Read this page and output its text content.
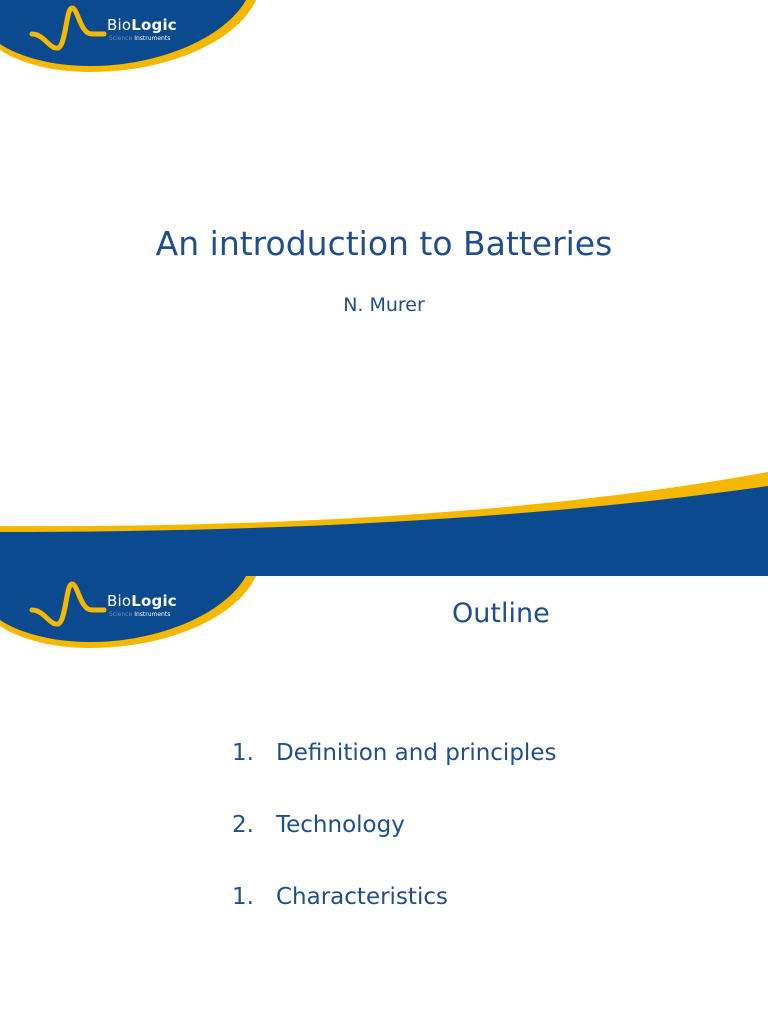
BioLogic
Science Instruments
An introduction to Batteries
N. Murer
BioLogic
Science Instruments	Outline
1. Definition and principles
2. Technology
1. Characteristics
